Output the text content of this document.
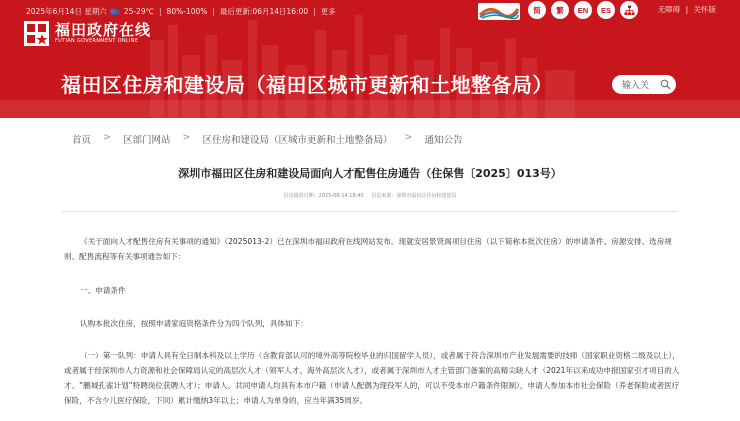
2025年6月14日 星期六 25-29℃ | 80%-100% | 最后更新:06月14日16:00 | 更多
福田政府在线
FUTIAN GOVERNMENT ONLINE
简	繁	EN	ES	无障碍 | 关怀版
福田区住房和建设局（福田区城市更新和土地整备局）	输入关
首页 > 区部门网站 > 区住房和建设局（区城市更新和土地整备局） > 通知公告
深圳市福田区住房和建设局面向人才配售住房通告（住保售〔2025〕013号）
信息提供日期：2025-06-14 18:40 信息来源：深圳市福田区住房和建设局
《关于面向人才配售住房有关事项的通知》（2025013-2）已在深圳市福田政府在线网站发布。现就安居景贤阁项目住房（以下简称本批次住房）的申请条件、房源安排、选房规则、配售流程等有关事项通告如下：
一、申请条件
认购本批次住房，按照申请家庭资格条件分为四个队列，具体如下：
（一）第一队列：申请人具有全日制本科及以上学历（含教育部认可的境外高等院校毕业的归国留学人员），或者属于符合深圳市产业发展需要的技师（国家职业资格二级及以上），或者属于经深圳市人力资源和社会保障局认定的高层次人才（领军人才、海外高层次人才），或者属于深圳市人才主管部门备案的高精尖缺人才（2021年以来成功申报国家引才项目的人才、“鹏城孔雀计划”特聘岗位获聘人才）；申请人、共同申请人均具有本市户籍（申请人配偶为现役军人的，可以不受本市户籍条件限制），申请人参加本市社会保险（养老保险或者医疗保险，不含少儿医疗保险，下同）累计缴纳3年以上；申请人为单身的，应当年满35周岁。
